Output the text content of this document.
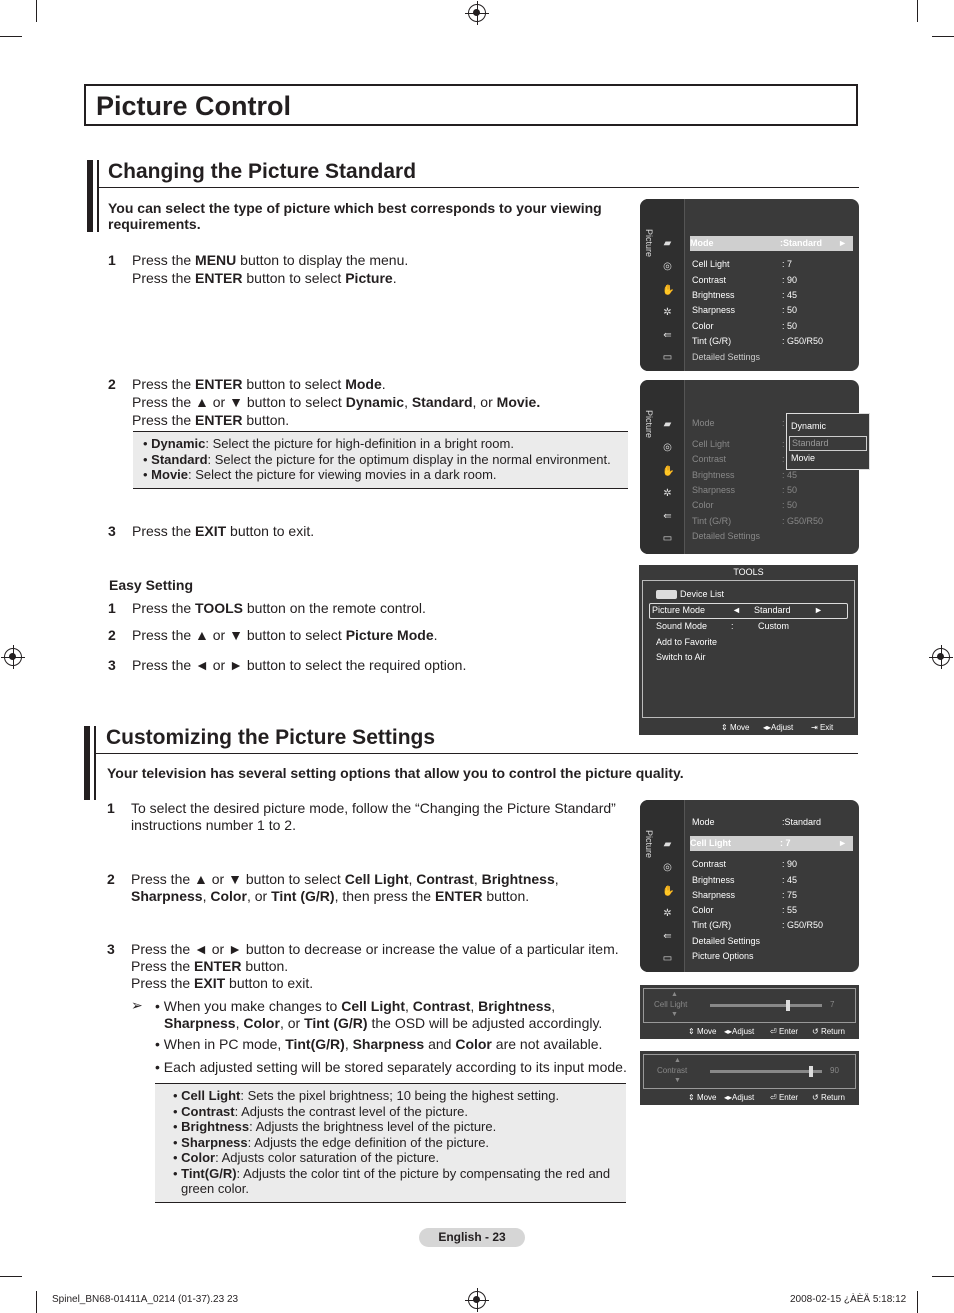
Picture Control
Changing the Picture Standard
You can select the type of picture which best corresponds to your viewing
requirements.
1 Press the MENU button to display the menu.
Press the ENTER button to select Picture.
2 Press the ENTER button to select Mode.
Press the ▲ or ▼ button to select Dynamic, Standard, or Movie.
Press the ENTER button.
• Dynamic: Select the picture for high-definition in a bright room.
• Standard: Select the picture for the optimum display in the normal environment.
• Movie: Select the picture for viewing movies in a dark room.
3 Press the EXIT button to exit.
Easy Setting
1 Press the TOOLS button on the remote control.
2 Press the ▲ or ▼ button to select Picture Mode.
3 Press the ◄ or ► button to select the required option.
Picture ▰
◎
✋
✲
⇚
▭
Mode	:Standard ►
Cell Light	: 7
Contrast	: 90
Brightness	: 45
Sharpness	: 50
Color	: 50
Tint (G/R)	: G50/R50
Detailed Settings
Picture ▰
◎
✋
✲
⇚
▭
Mode	:
Cell Light	:
Contrast	:
Brightness	: 45
Sharpness	: 50
Color	: 50
Tint (G/R)	: G50/R50
Detailed Settings
Dynamic
Standard
Movie
TOOLS
Device List
Picture Mode	◄ Standard	►
Sound Mode	:	Custom
Add to Favorite
Switch to Air
⇕ Move ◂▸Adjust ⇥ Exit
Customizing the Picture Settings
Your television has several setting options that allow you to control the picture quality.
1 To select the desired picture mode, follow the “Changing the Picture Standard”
instructions number 1 to 2.
2 Press the ▲ or ▼ button to select Cell Light, Contrast, Brightness,
Sharpness, Color, or Tint (G/R), then press the ENTER button.
3 Press the ◄ or ► button to decrease or increase the value of a particular item.
Press the ENTER button.
Press the EXIT button to exit.
➢ • When you make changes to Cell Light, Contrast, Brightness,
Sharpness, Color, or Tint (G/R) the OSD will be adjusted accordingly.
• When in PC mode, Tint(G/R), Sharpness and Color are not available.
• Each adjusted setting will be stored separately according to its input mode.
• Cell Light: Sets the pixel brightness; 10 being the highest setting.
• Contrast: Adjusts the contrast level of the picture.
• Brightness: Adjusts the brightness level of the picture.
• Sharpness: Adjusts the edge definition of the picture.
• Color: Adjusts color saturation of the picture.
• Tint(G/R): Adjusts the color tint of the picture by compensating the red and
green color.
Picture ▰
◎
✋
✲
⇚
▭
Mode	:Standard
Cell Light	: 7	►
Contrast	: 90
Brightness	: 45
Sharpness	: 75
Color	: 55
Tint (G/R)	: G50/R50
Detailed Settings
Picture Options
Cell Light
▲
▼
7
⇕ Move ◂▸Adjust ⏎ Enter ↺ Return
Contrast
▲
▼
90
⇕ Move ◂▸Adjust ⏎ Enter ↺ Return
English - 23
Spinel_BN68-01411A_0214 (01-37).23 23	2008-02-15 ¿ÀÈÄ 5:18:12
